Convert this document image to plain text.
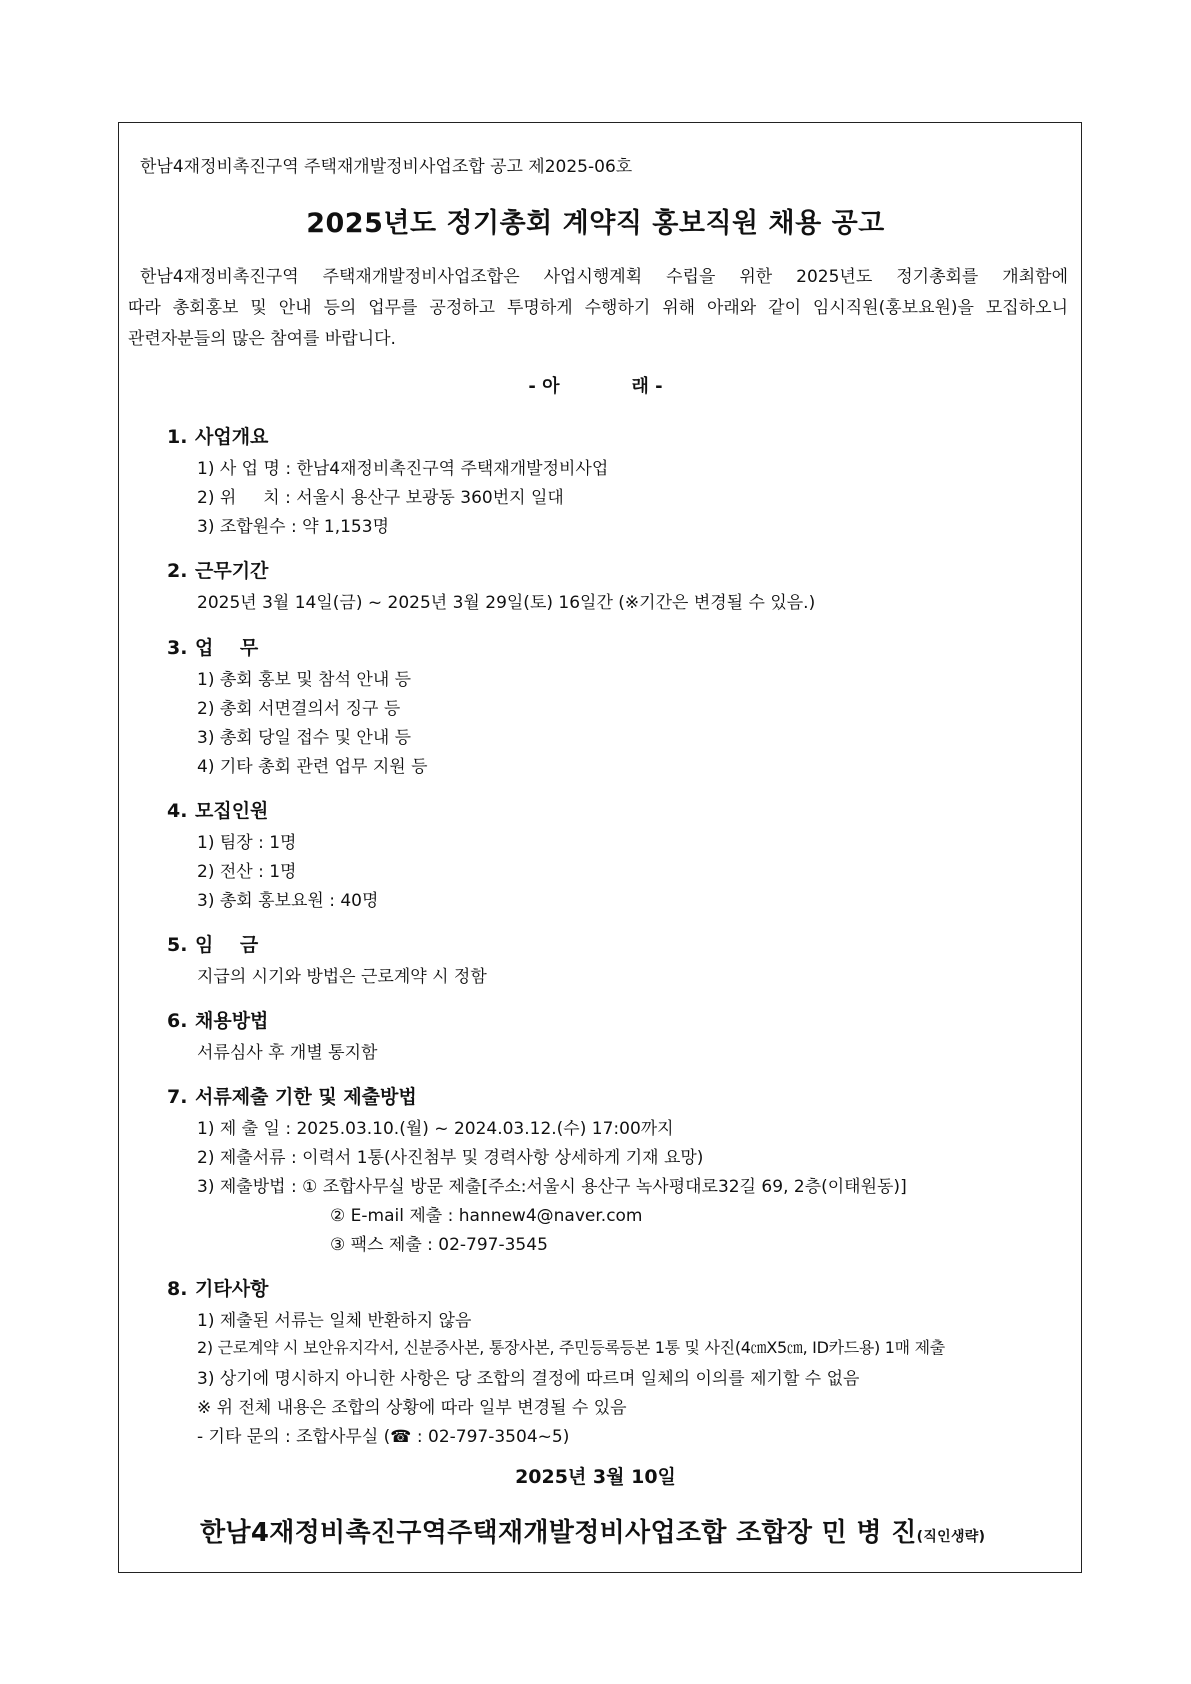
한남4재정비촉진구역 주택재개발정비사업조합 공고 제2025-06호
2025년도 정기총회 계약직 홍보직원 채용 공고

한남4재정비촉진구역 주택재개발정비사업조합은 사업시행계획 수립을 위한 2025년도 정기총회를 개최함에

따라 총회홍보 및 안내 등의 업무를 공정하고 투명하게 수행하기 위해 아래와 같이 임시직원(홍보요원)을 모집하오니

관련자분들의 많은 참여를 바랍니다.

- 아	래 -
1. 사업개요
1) 사 업 명 : 한남4재정비촉진구역 주택재개발정비사업
2) 위     치 : 서울시 용산구 보광동 360번지 일대
3) 조합원수 : 약 1,153명
2. 근무기간
2025년 3월 14일(금) ~ 2025년 3월 29일(토) 16일간 (※기간은 변경될 수 있음.)
3. 업    무
1) 총회 홍보 및 참석 안내 등
2) 총회 서면결의서 징구 등
3) 총회 당일 접수 및 안내 등
4) 기타 총회 관련 업무 지원 등
4. 모집인원
1) 팀장 : 1명
2) 전산 : 1명
3) 총회 홍보요원 : 40명
5. 임    금
지급의 시기와 방법은 근로계약 시 정함
6. 채용방법
서류심사 후 개별 통지함
7. 서류제출 기한 및 제출방법
1) 제 출 일 : 2025.03.10.(월) ~ 2024.03.12.(수) 17:00까지
2) 제출서류 : 이력서 1통(사진첨부 및 경력사항 상세하게 기재 요망)
3) 제출방법 : ① 조합사무실 방문 제출[주소:서울시 용산구 녹사평대로32길 69, 2층(이태원동)]
② E-mail 제출 : hannew4@naver.com
③ 팩스 제출 : 02-797-3545
8. 기타사항
1) 제출된 서류는 일체 반환하지 않음
2) 근로계약 시 보안유지각서, 신분증사본, 통장사본, 주민등록등본 1통 및 사진(4㎝X5㎝, ID카드용) 1매 제출
3) 상기에 명시하지 아니한 사항은 당 조합의 결정에 따르며 일체의 이의를 제기할 수 없음
※ 위 전체 내용은 조합의 상황에 따라 일부 변경될 수 있음
- 기타 문의 : 조합사무실 (☎ : 02-797-3504~5)
2025년 3월 10일
한남4재정비촉진구역주택재개발정비사업조합 조합장 민 병 진(직인생략)
